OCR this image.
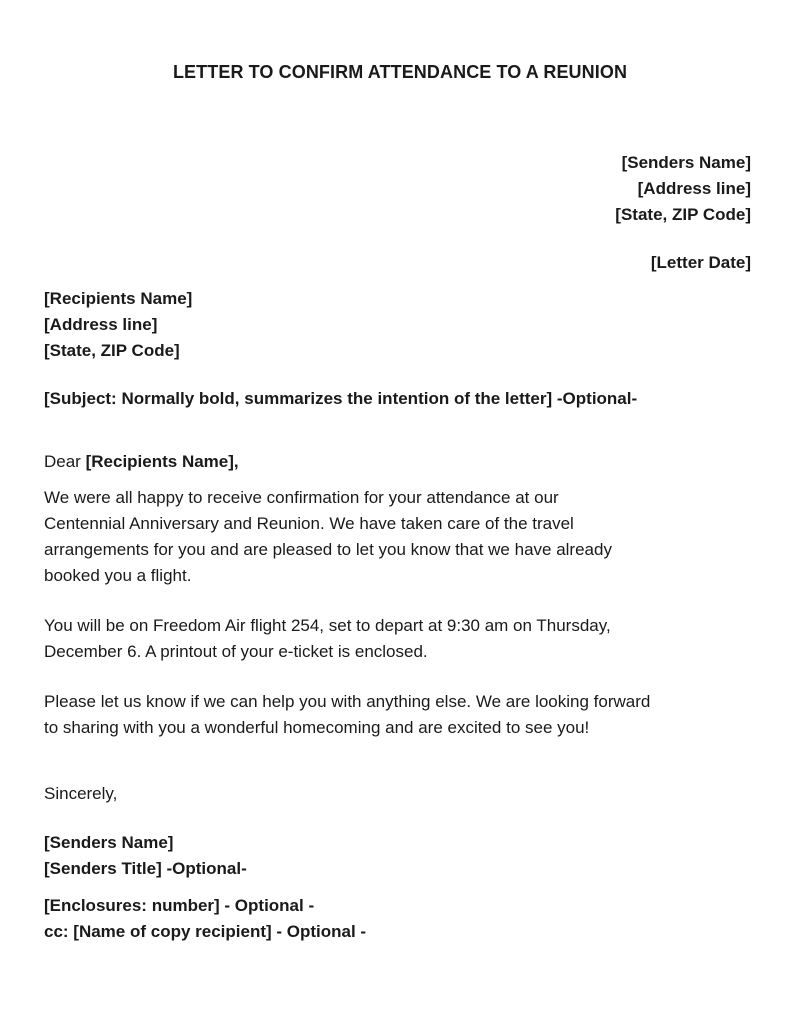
LETTER TO CONFIRM ATTENDANCE TO A REUNION
[Senders Name]
[Address line]
[State, ZIP Code]
[Letter Date]
[Recipients Name]
[Address line]
[State, ZIP Code]
[Subject: Normally bold, summarizes the intention of the letter] -Optional-
Dear [Recipients Name],
We were all happy to receive confirmation for your attendance at our
Centennial Anniversary and Reunion. We have taken care of the travel
arrangements for you and are pleased to let you know that we have already
booked you a flight.
You will be on Freedom Air flight 254, set to depart at 9:30 am on Thursday,
December 6. A printout of your e-ticket is enclosed.
Please let us know if we can help you with anything else. We are looking forward
to sharing with you a wonderful homecoming and are excited to see you!
Sincerely,
[Senders Name]
[Senders Title] -Optional-
[Enclosures: number] - Optional -
cc: [Name of copy recipient] - Optional -
